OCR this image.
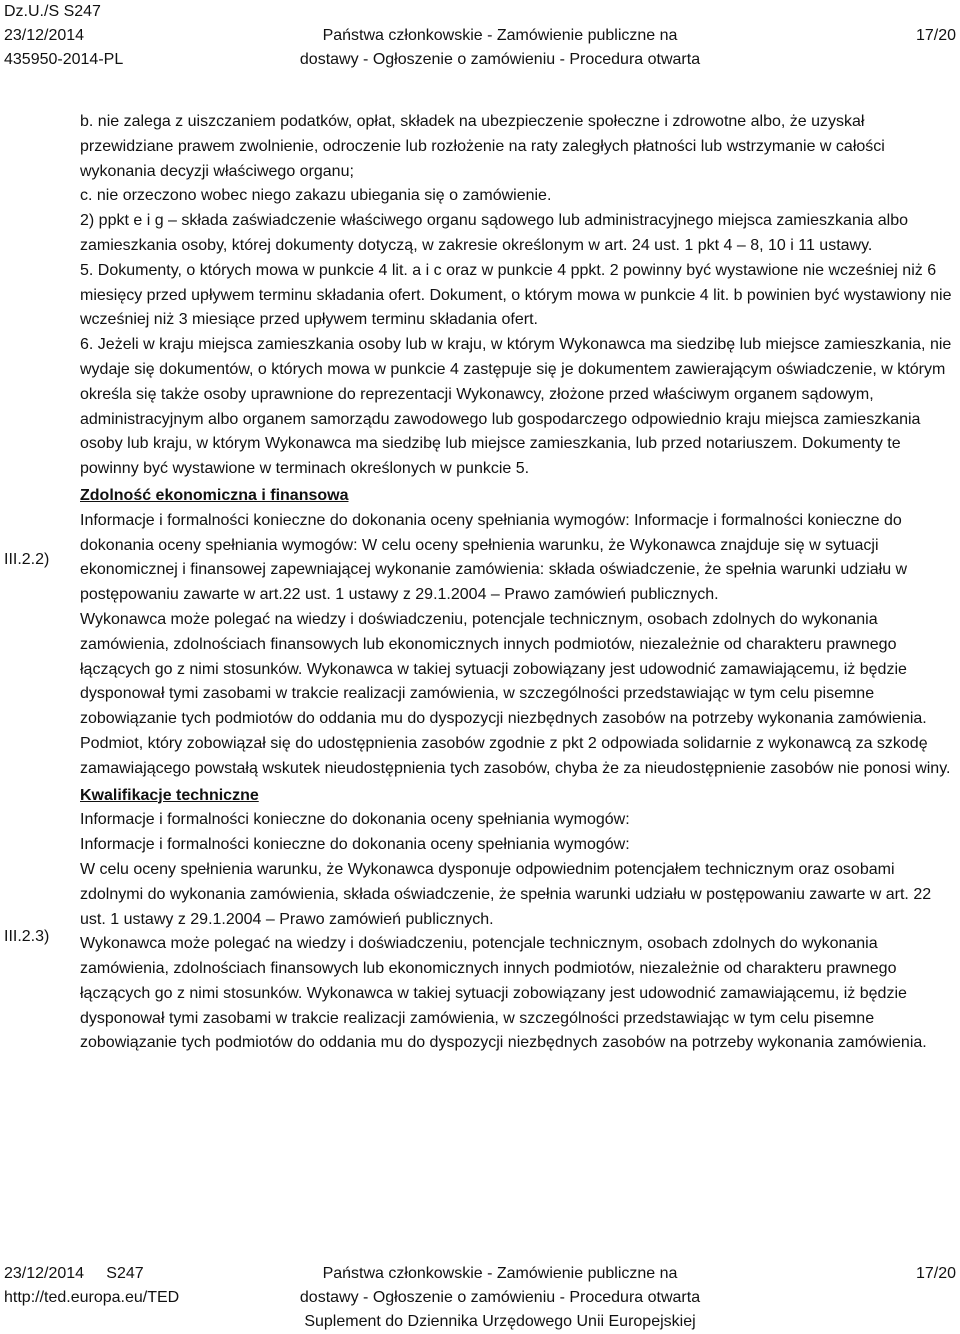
Dz.U./S S247
23/12/2014
435950-2014-PL
Państwa członkowskie - Zamówienie publiczne na
dostawy - Ogłoszenie o zamówieniu - Procedura otwarta
17/20

b. nie zalega z uiszczaniem podatków, opłat, składek na ubezpieczenie społeczne i zdrowotne albo, że uzyskał przewidziane prawem zwolnienie, odroczenie lub rozłożenie na raty zaległych płatności lub wstrzymanie w całości wykonania decyzji właściwego organu;

c. nie orzeczono wobec niego zakazu ubiegania się o zamówienie.

2) ppkt e i g – składa zaświadczenie właściwego organu sądowego lub administracyjnego miejsca zamieszkania albo zamieszkania osoby, której dokumenty dotyczą, w zakresie określonym w art. 24 ust. 1 pkt 4 – 8, 10 i 11 ustawy.

5. Dokumenty, o których mowa w punkcie 4 lit. a i c oraz w punkcie 4 ppkt. 2 powinny być wystawione nie wcześniej niż 6 miesięcy przed upływem terminu składania ofert. Dokument, o którym mowa w punkcie 4 lit. b powinien być wystawiony nie wcześniej niż 3 miesiące przed upływem terminu składania ofert.

6. Jeżeli w kraju miejsca zamieszkania osoby lub w kraju, w którym Wykonawca ma siedzibę lub miejsce zamieszkania, nie wydaje się dokumentów, o których mowa w punkcie 4 zastępuje się je dokumentem zawierającym oświadczenie, w którym określa się także osoby uprawnione do reprezentacji Wykonawcy, złożone przed właściwym organem sądowym, administracyjnym albo organem samorządu zawodowego lub gospodarczego odpowiednio kraju miejsca zamieszkania osoby lub kraju, w którym Wykonawca ma siedzibę lub miejsce zamieszkania, lub przed notariuszem. Dokumenty te powinny być wystawione w terminach określonych w punkcie 5.

Zdolność ekonomiczna i finansowa

Informacje i formalności konieczne do dokonania oceny spełniania wymogów: Informacje i formalności konieczne do dokonania oceny spełniania wymogów: W celu oceny spełnienia warunku, że Wykonawca znajduje się w sytuacji ekonomicznej i finansowej zapewniającej wykonanie zamówienia: składa oświadczenie, że spełnia warunki udziału w postępowaniu zawarte w art.22 ust. 1 ustawy z 29.1.2004 – Prawo zamówień publicznych.

Wykonawca może polegać na wiedzy i doświadczeniu, potencjale technicznym, osobach zdolnych do wykonania zamówienia, zdolnościach finansowych lub ekonomicznych innych podmiotów, niezależnie od charakteru prawnego łączących go z nimi stosunków. Wykonawca w takiej sytuacji zobowiązany jest udowodnić zamawiającemu, iż będzie dysponował tymi zasobami w trakcie realizacji zamówienia, w szczególności przedstawiając w tym celu pisemne zobowiązanie tych podmiotów do oddania mu do dyspozycji niezbędnych zasobów na potrzeby wykonania zamówienia.

Podmiot, który zobowiązał się do udostępnienia zasobów zgodnie z pkt 2 odpowiada solidarnie z wykonawcą za szkodę zamawiającego powstałą wskutek nieudostępnienia tych zasobów, chyba że za nieudostępnienie zasobów nie ponosi winy.

Kwalifikacje techniczne

Informacje i formalności konieczne do dokonania oceny spełniania wymogów:

Informacje i formalności konieczne do dokonania oceny spełniania wymogów:

W celu oceny spełnienia warunku, że Wykonawca dysponuje odpowiednim potencjałem technicznym oraz osobami zdolnymi do wykonania zamówienia, składa oświadczenie, że spełnia warunki udziału w postępowaniu zawarte w art. 22 ust. 1 ustawy z 29.1.2004 – Prawo zamówień publicznych.

Wykonawca może polegać na wiedzy i doświadczeniu, potencjale technicznym, osobach zdolnych do wykonania zamówienia, zdolnościach finansowych lub ekonomicznych innych podmiotów, niezależnie od charakteru prawnego łączących go z nimi stosunków. Wykonawca w takiej sytuacji zobowiązany jest udowodnić zamawiającemu, iż będzie dysponował tymi zasobami w trakcie realizacji zamówienia, w szczególności przedstawiając w tym celu pisemne zobowiązanie tych podmiotów do oddania mu do dyspozycji niezbędnych zasobów na potrzeby wykonania zamówienia.

III.2.2)
III.2.3)
23/12/2014     S247
http://ted.europa.eu/TED
Państwa członkowskie - Zamówienie publiczne na
dostawy - Ogłoszenie o zamówieniu - Procedura otwarta
Suplement do Dziennika Urzędowego Unii Europejskiej
17/20
